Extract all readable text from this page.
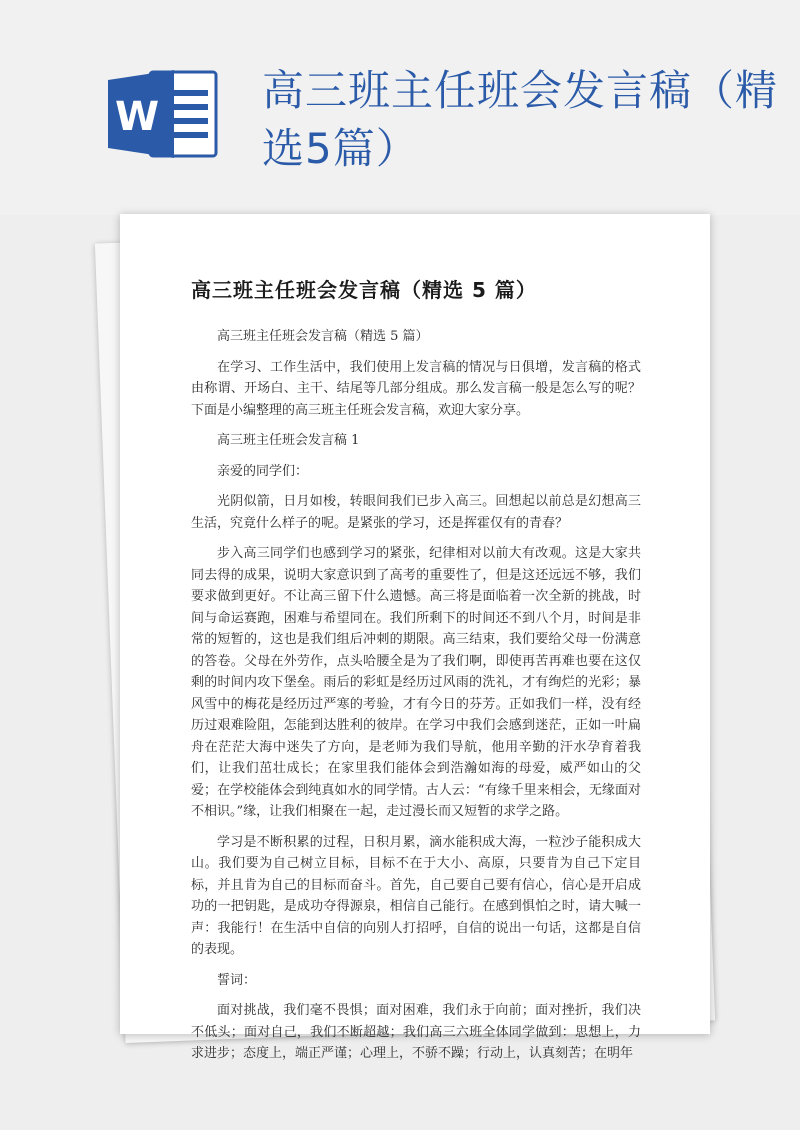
W
高三班主任班会发言稿（精选5篇）
高三班主任班会发言稿（精选 5 篇）

高三班主任班会发言稿（精选 5 篇）

在学习、工作生活中，我们使用上发言稿的情况与日俱增，发言稿的格式由称谓、开场白、主干、结尾等几部分组成。那么发言稿一般是怎么写的呢？下面是小编整理的高三班主任班会发言稿，欢迎大家分享。

高三班主任班会发言稿 1

亲爱的同学们：

光阴似箭，日月如梭，转眼间我们已步入高三。回想起以前总是幻想高三生活，究竟什么样子的呢。是紧张的学习，还是挥霍仅有的青春？

步入高三同学们也感到学习的紧张，纪律相对以前大有改观。这是大家共同去得的成果，说明大家意识到了高考的重要性了，但是这还远远不够，我们要求做到更好。不让高三留下什么遗憾。高三将是面临着一次全新的挑战，时间与命运赛跑，困难与希望同在。我们所剩下的时间还不到八个月，时间是非常的短暂的，这也是我们组后冲刺的期限。高三结束，我们要给父母一份满意的答卷。父母在外劳作，点头哈腰全是为了我们啊，即使再苦再难也要在这仅剩的时间内攻下堡垒。雨后的彩虹是经历过风雨的洗礼，才有绚烂的光彩；暴风雪中的梅花是经历过严寒的考验，才有今日的芬芳。正如我们一样，没有经历过艰难险阻，怎能到达胜利的彼岸。在学习中我们会感到迷茫，正如一叶扁舟在茫茫大海中迷失了方向，是老师为我们导航，他用辛勤的汗水孕育着我们，让我们茁壮成长；在家里我们能体会到浩瀚如海的母爱，威严如山的父爱；在学校能体会到纯真如水的同学情。古人云：“有缘千里来相会，无缘面对不相识。”缘，让我们相聚在一起，走过漫长而又短暂的求学之路。

学习是不断积累的过程，日积月累，滴水能积成大海，一粒沙子能积成大山。我们要为自己树立目标，目标不在于大小、高原，只要肯为自己下定目标，并且肯为自己的目标而奋斗。首先，自己要自己要有信心，信心是开启成功的一把钥匙，是成功夺得源泉，相信自己能行。在感到惧怕之时，请大喊一声：我能行！在生活中自信的向别人打招呼，自信的说出一句话，这都是自信的表现。

誓词：

面对挑战，我们毫不畏惧；面对困难，我们永于向前；面对挫折，我们决不低头；面对自己，我们不断超越；我们高三六班全体同学做到：思想上，力求进步；态度上，端正严谨；心理上，不骄不躁；行动上，认真刻苦；在明年
